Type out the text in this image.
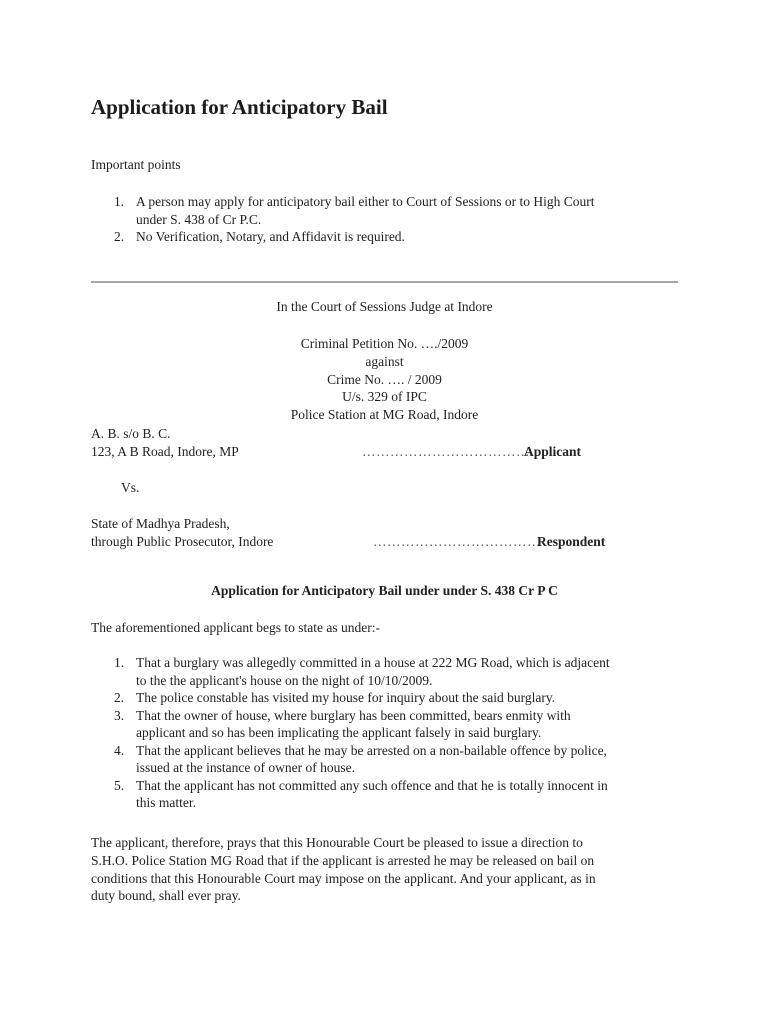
Application for Anticipatory Bail
Important points
1. A person may apply for anticipatory bail either to Court of Sessions or to High Court
under S. 438 of Cr P.C.
2. No Verification, Notary, and Affidavit is required.
In the Court of Sessions Judge at Indore
Criminal Petition No. …./2009
against
Crime No. …. / 2009
U/s. 329 of IPC
Police Station at MG Road, Indore
A. B. s/o B. C.
123, A B Road, Indore, MP	………………………………
Applicant
Vs.
State of Madhya Pradesh,
through Public Prosecutor, Indore	………………………………
Respondent
Application for Anticipatory Bail under under S. 438 Cr P C
The aforementioned applicant begs to state as under:-
1. That a burglary was allegedly committed in a house at 222 MG Road, which is adjacent
to the the applicant's house on the night of 10/10/2009.
2. The police constable has visited my house for inquiry about the said burglary.
3. That the owner of house, where burglary has been committed, bears enmity with
applicant and so has been implicating the applicant falsely in said burglary.
4. That the applicant believes that he may be arrested on a non-bailable offence by police,
issued at the instance of owner of house.
5. That the applicant has not committed any such offence and that he is totally innocent in
this matter.
The applicant, therefore, prays that this Honourable Court be pleased to issue a direction to
S.H.O. Police Station MG Road that if the applicant is arrested he may be released on bail on
conditions that this Honourable Court may impose on the applicant. And your applicant, as in
duty bound, shall ever pray.
